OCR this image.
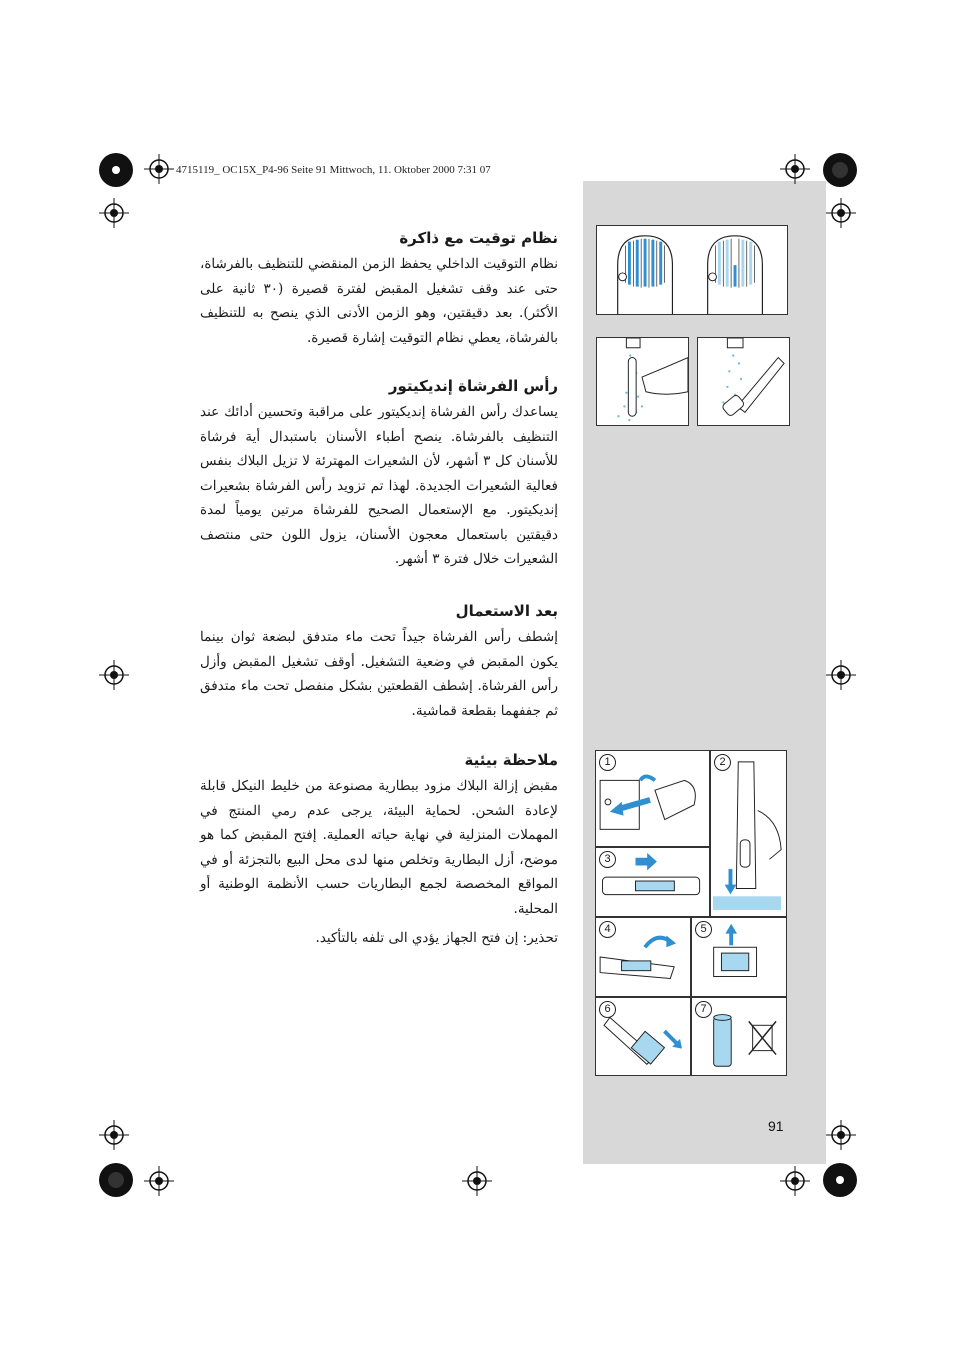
4715119_ OC15X_P4-96 Seite 91 Mittwoch, 11. Oktober 2000 7:31 07
نظام توقيت مع ذاكرة

نظام التوقيت الداخلي يحفظ الزمن المنقضي للتنظيف بالفرشاة، حتى عند وقف تشغيل المقبض لفترة قصيرة (٣٠ ثانية على الأكثر). بعد دقيقتين، وهو الزمن الأدنى الذي ينصح به للتنظيف بالفرشاة، يعطي نظام التوقيت إشارة قصيرة.

رأس الفرشاة إنديكيتور

يساعدك رأس الفرشاة إنديكيتور على مراقبة وتحسين أدائك عند التنظيف بالفرشاة. ينصح أطباء الأسنان باستبدال أية فرشاة للأسنان كل ٣ أشهر، لأن الشعيرات المهترئة لا تزيل البلاك بنفس فعالية الشعيرات الجديدة. لهذا تم تزويد رأس الفرشاة بشعيرات إنديكيتور. مع الإستعمال الصحيح للفرشاة مرتين يومياً لمدة دقيقتين باستعمال معجون الأسنان، يزول اللون حتى منتصف الشعيرات خلال فترة ٣ أشهر.

بعد الاستعمال

إشطف رأس الفرشاة جيداً تحت ماء متدفق لبضعة ثوان بينما يكون المقبض في وضعية التشغيل. أوقف تشغيل المقبض وأزل رأس الفرشاة. إشطف القطعتين بشكل منفصل تحت ماء متدفق ثم جففهما بقطعة قماشية.

ملاحظة بيئية

مقبض إزالة البلاك مزود ببطارية مصنوعة من خليط النيكل قابلة لإعادة الشحن. لحماية البيئة، يرجى عدم رمي المنتج في المهملات المنزلية في نهاية حياته العملية. إفتح المقبض كما هو موضح، أزل البطارية وتخلص منها لدى محل البيع بالتجزئة أو في المواقع المخصصة لجمع البطاريات حسب الأنظمة الوطنية أو المحلية.

تحذير: إن فتح الجهاز يؤدي الى تلفه بالتأكيد.

1	2
3
4	5
6	7
91
